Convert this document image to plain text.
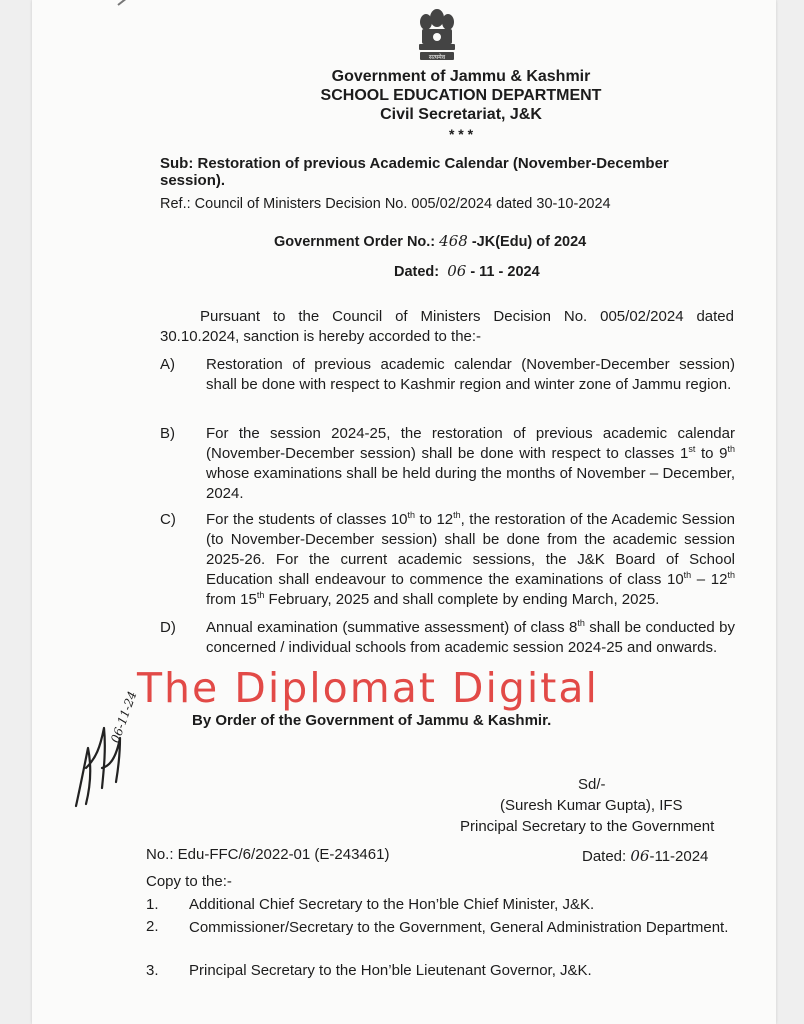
सत्यमेव
Government of Jammu & Kashmir
SCHOOL EDUCATION DEPARTMENT
Civil Secretariat, J&K
* * *
Sub: Restoration of previous Academic Calendar (November-December session).
Ref.: Council of Ministers Decision No. 005/02/2024 dated 30-10-2024
Government Order No.: 468 -JK(Edu) of 2024
Dated: 06 - 11 - 2024
Pursuant to the Council of Ministers Decision No. 005/02/2024 dated 30.10.2024, sanction is hereby accorded to the:-
A) Restoration of previous academic calendar (November-December session) shall be done with respect to Kashmir region and winter zone of Jammu region.
B) For the session 2024-25, the restoration of previous academic calendar (November-December session) shall be done with respect to classes 1st to 9th whose examinations shall be held during the months of November – December, 2024.
C) For the students of classes 10th to 12th, the restoration of the Academic Session (to November-December session) shall be done from the academic session 2025-26. For the current academic sessions, the J&K Board of School Education shall endeavour to commence the examinations of class 10th – 12th from 15th February, 2025 and shall complete by ending March, 2025.
D) Annual examination (summative assessment) of class 8th shall be conducted by concerned / individual schools from academic session 2024-25 and onwards.
By Order of the Government of Jammu & Kashmir.
06-11-24
Sd/-
(Suresh Kumar Gupta), IFS
Principal Secretary to the Government
No.: Edu-FFC/6/2022-01 (E-243461)	Dated: 06-11-2024
Copy to the:-
1. Additional Chief Secretary to the Hon’ble Chief Minister, J&K.
2. Commissioner/Secretary to the Government, General Administration Department.
3. Principal Secretary to the Hon’ble Lieutenant Governor, J&K.
The Diplomat Digital
